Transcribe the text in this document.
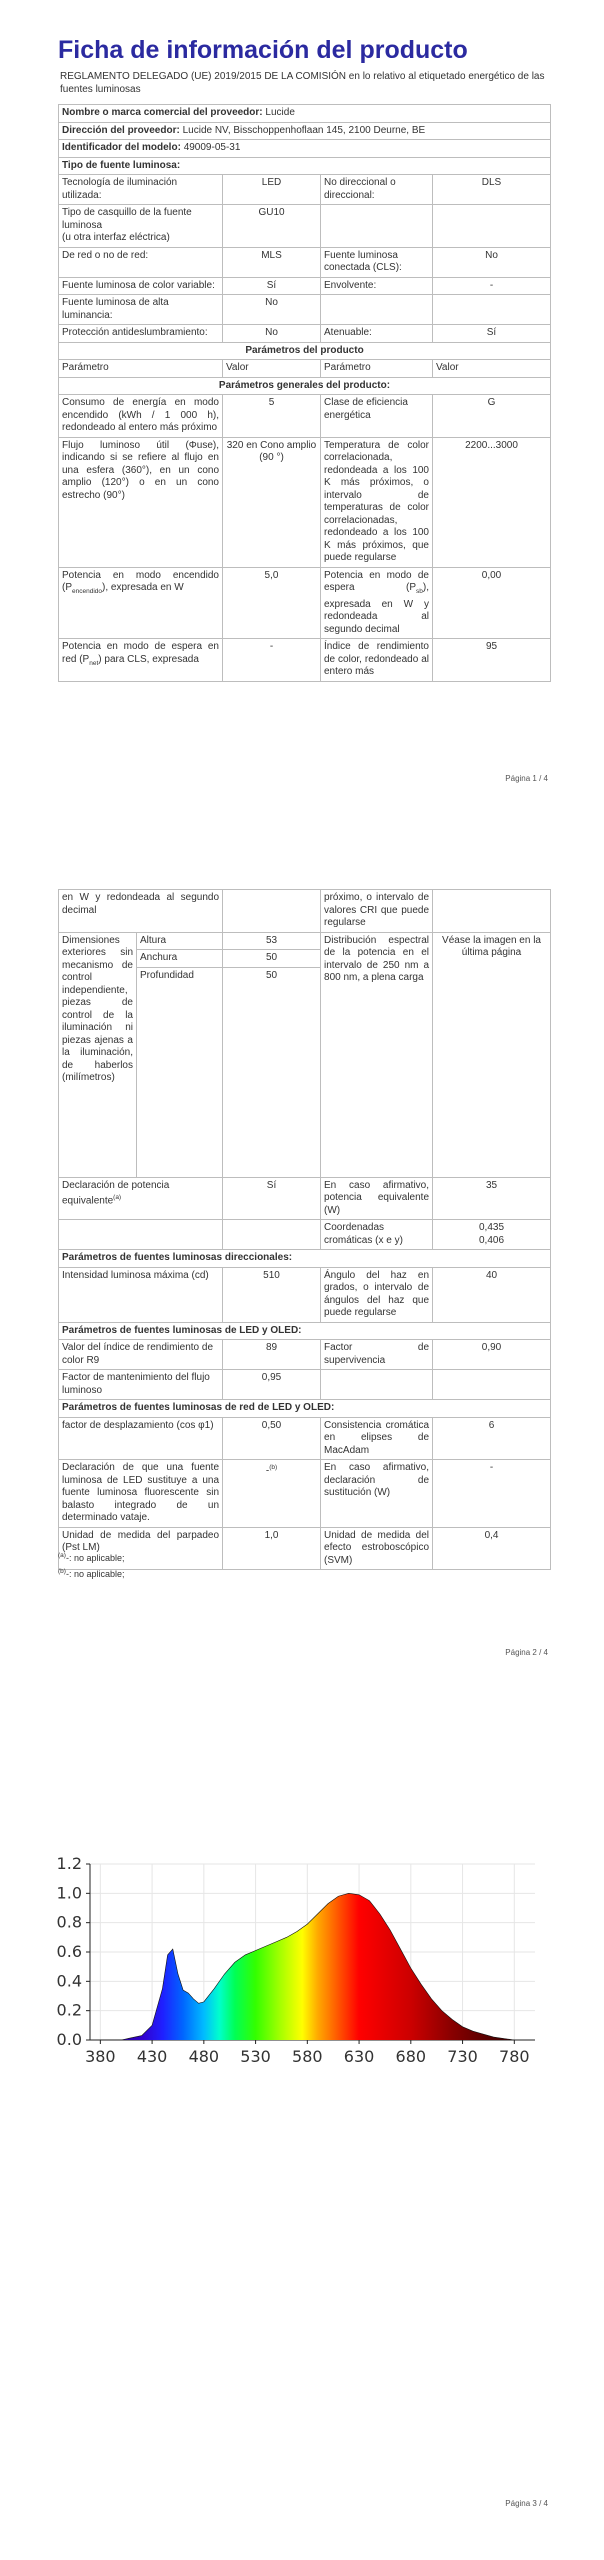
Ficha de información del producto
REGLAMENTO DELEGADO (UE) 2019/2015 DE LA COMISIÓN en lo relativo al etiquetado energético de las fuentes luminosas
Nombre o marca comercial del proveedor: Lucide			
Dirección del proveedor: Lucide NV, Bisschoppenhoflaan 145, 2100 Deurne, BE			
Identificador del modelo: 49009-05-31			
Tipo de fuente luminosa:			
Tecnología de iluminación utilizada:	LED	No direccional o direccional:	DLS
Tipo de casquillo de la fuente luminosa
(u otra interfaz eléctrica)	GU10		
De red o no de red:	MLS	Fuente luminosa conectada (CLS):	No
Fuente luminosa de color variable:	Sí	Envolvente:	-
Fuente luminosa de alta luminancia:	No		
Protección antideslumbramiento:	No	Atenuable:	Sí
Parámetros del producto			
Parámetro	Valor	Parámetro	Valor
Parámetros generales del producto:			
Consumo de energía en modo encendido (kWh / 1 000 h), redondeado al entero más próximo	5	Clase de eficiencia energética	G
Flujo luminoso útil (Φuse), indicando si se refiere al flujo en una esfera (360°), en un cono amplio (120°) o en un cono estrecho (90°)	320 en Cono amplio (90 °)	Temperatura de color correlacionada, redondeada a los 100 K más próximos, o intervalo de temperaturas de color correlacionadas, redondeado a los 100 K más próximos, que puede regularse	2200...3000
Potencia en modo encendido $(P_{encendido})$, expresada en W	5,0	Potencia en modo de espera $(P_{sb})$, expresada en W y redondeada al segundo decimal	0,00
Potencia en modo de espera en red $(P_{net})$ para CLS, expresada	-	Índice de rendimiento de color, redondeado al entero más	95
Página 1 / 4
en W y redondeada al segundo decimal			próximo, o intervalo de valores CRI que puede regularse	
Dimensiones exteriores sin mecanismo de control independiente, piezas de control de la iluminación ni piezas ajenas a la iluminación, de haberlos (milímetros)	Altura	53	Distribución espectral de la potencia en el intervalo de 250 nm a 800 nm, a plena carga	Véase la imagen en la última página
	Anchura	50		
	Profundidad	50		
Declaración de potencia equivalente$^{(a)}$		Sí	En caso afirmativo, potencia equivalente (W)	35
			Coordenadas cromáticas (x e y)	0,435
0,406
Parámetros de fuentes luminosas direccionales:				
Intensidad luminosa máxima (cd)		510	Ángulo del haz en grados, o intervalo de ángulos del haz que puede regularse	40
Parámetros de fuentes luminosas de LED y OLED:				
Valor del índice de rendimiento de color R9		89	Factor de supervivencia	0,90
Factor de mantenimiento del flujo luminoso		0,95		
Parámetros de fuentes luminosas de red de LED y OLED:				
factor de desplazamiento (cos φ1)		0,50	Consistencia cromática en elipses de MacAdam	6
Declaración de que una fuente luminosa de LED sustituye a una fuente luminosa fluorescente sin balasto integrado de un determinado vataje.		-$^{(b)}$	En caso afirmativo, declaración de sustitución (W)	-
Unidad de medida del parpadeo (Pst LM)		1,0	Unidad de medida del efecto estroboscópico (SVM)	0,4
$^{(a)}$-: no aplicable;
$^{(b)}$-: no aplicable;
Página 2 / 4
Página 3 / 4
380 430 480 530 580 630 680 730 780
0.0
0.2
0.4
0.6
0.8
1.0
1.2
